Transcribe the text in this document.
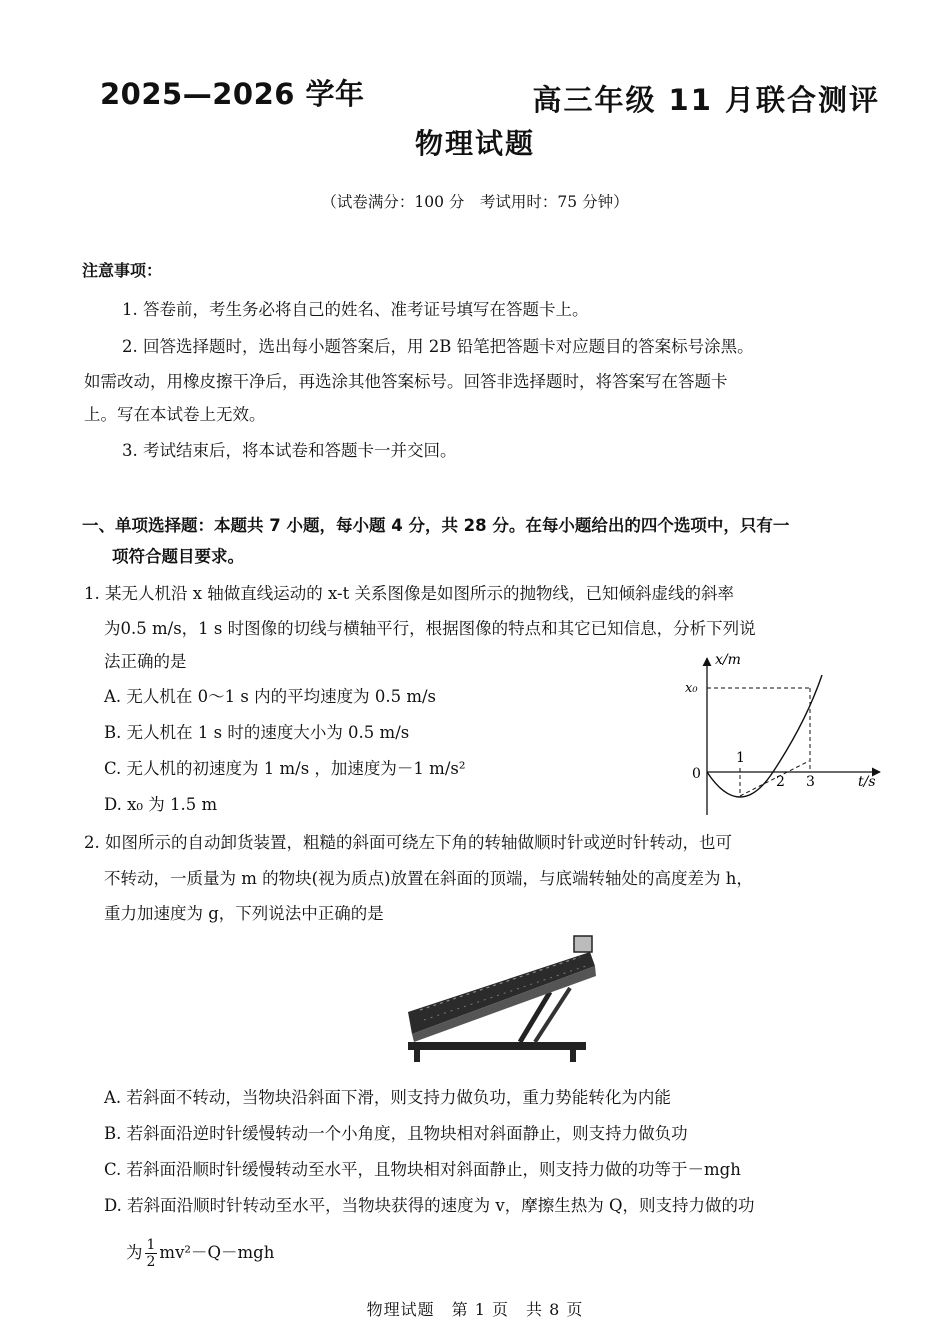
2025—2026 学年	高三年级 11 月联合测评
物理试题
（试卷满分：100 分　考试用时：75 分钟）
注意事项：
1. 答卷前，考生务必将自己的姓名、准考证号填写在答题卡上。
2. 回答选择题时，选出每小题答案后，用 2B 铅笔把答题卡对应题目的答案标号涂黑。
如需改动，用橡皮擦干净后，再选涂其他答案标号。回答非选择题时，将答案写在答题卡
上。写在本试卷上无效。
3. 考试结束后，将本试卷和答题卡一并交回。
一、单项选择题：本题共 7 小题，每小题 4 分，共 28 分。在每小题给出的四个选项中，只有一
项符合题目要求。
1. 某无人机沿 x 轴做直线运动的 x-t 关系图像是如图所示的抛物线，已知倾斜虚线的斜率
为0.5 m/s，1 s 时图像的切线与横轴平行，根据图像的特点和其它已知信息，分析下列说
法正确的是
A. 无人机在 0～1 s 内的平均速度为 0.5 m/s
B. 无人机在 1 s 时的速度大小为 0.5 m/s
C. 无人机的初速度为 1 m/s ，加速度为－1 m/s²
D. x₀ 为 1.5 m
x/m
t/s
0
x₀
1
2 3
2. 如图所示的自动卸货装置，粗糙的斜面可绕左下角的转轴做顺时针或逆时针转动，也可
不转动，一质量为 m 的物块(视为质点)放置在斜面的顶端，与底端转轴处的高度差为 h，
重力加速度为 g，下列说法中正确的是
A. 若斜面不转动，当物块沿斜面下滑，则支持力做负功，重力势能转化为内能
B. 若斜面沿逆时针缓慢转动一个小角度，且物块相对斜面静止，则支持力做负功
C. 若斜面沿顺时针缓慢转动至水平，且物块相对斜面静止，则支持力做的功等于－mgh
D. 若斜面沿顺时针转动至水平，当物块获得的速度为 v，摩擦生热为 Q，则支持力做的功
为 $\frac{1}{2} mv^2-Q-mgh$
物理试题　第 1 页　共 8 页
